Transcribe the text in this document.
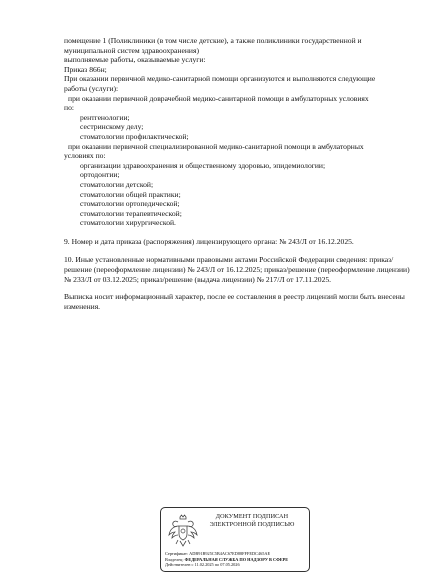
помещение 1 (Поликлиники (в том числе детские), а также поликлиники государственной и
муниципальной систем здравоохранения)
выполняемые работы, оказываемые услуги:
Приказ 866н;
При оказании первичной медико-санитарной помощи организуются и выполняются следующие
работы (услуги):
при оказании первичной доврачебной медико-санитарной помощи в амбулаторных условиях
по:
рентгенологии;
сестринскому делу;
стоматологии профилактической;
при оказании первичной специализированной медико-санитарной помощи в амбулаторных
условиях по:
организации здравоохранения и общественному здоровью, эпидемиологии;
ортодонтии;
стоматологии детской;
стоматологии общей практики;
стоматологии ортопедической;
стоматологии терапевтической;
стоматологии хирургической.
9. Номер и дата приказа (распоряжения) лицензирующего органа: № 243/Л от 16.12.2025.
10. Иные установленные нормативными правовыми актами Российской Федерации сведения: приказ/решение (переоформление лицензии) № 243/Л от 16.12.2025; приказ/решение (переоформление лицензии) № 233/Л от 03.12.2025; приказ/решение (выдача лицензии) № 217/Л от 17.11.2025.
Выписка носит информационный характер, после ее составления в реестр лицензий могли быть внесены изменения.
ДОКУМЕНТ ПОДПИСАН
ЭЛЕКТРОННОЙ ПОДПИСЬЮ
Сертификат: ADB91B925C5B4AC67ED88FFFEDC465AE
Владелец: ФЕДЕРАЛЬНАЯ СЛУЖБА ПО НАДЗОРУ В СФЕРЕ
Действителен с 11.02.2025 по 07.05.2026
